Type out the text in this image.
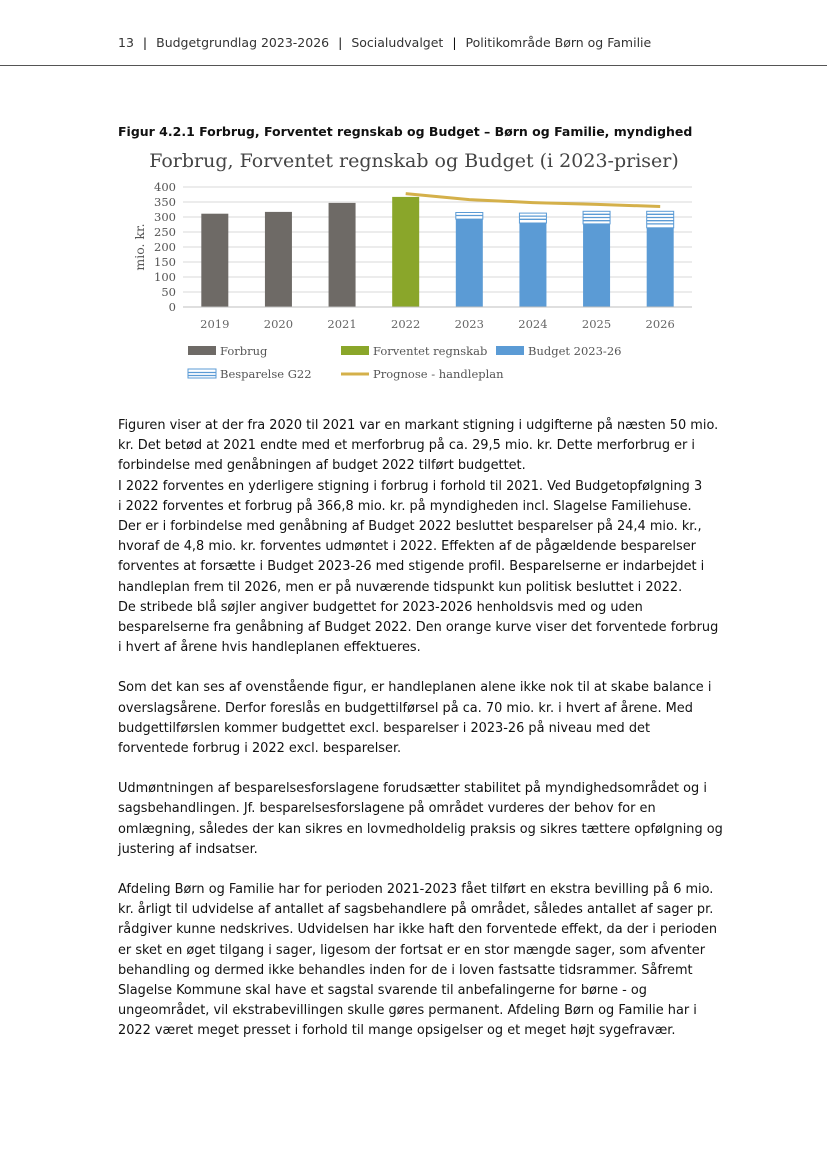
13 | Budgetgrundlag 2023-2026 | Socialudvalget | Politikområde Børn og Familie
Figur 4.2.1 Forbrug, Forventet regnskab og Budget – Børn og Familie, myndighed
Forbrug, Forventet regnskab og Budget (i 2023-priser)
0
50
100
150
200
250
300
350
400
mio. kr.
2019	2020	2021	2022	2023	2024	2025	2026
Forbrug	Forventet regnskab	Budget 2023-26
Besparelse G22	Prognose - handleplan

Figuren viser at der fra 2020 til 2021 var en markant stigning i udgifterne på næsten 50 mio.
kr. Det betød at 2021 endte med et merforbrug på ca. 29,5 mio. kr. Dette merforbrug er i
forbindelse med genåbningen af budget 2022 tilført budgettet.
I 2022 forventes en yderligere stigning i forbrug i forhold til 2021. Ved Budgetopfølgning 3
i 2022 forventes et forbrug på 366,8 mio. kr. på myndigheden incl. Slagelse Familiehuse.
Der er i forbindelse med genåbning af Budget 2022 besluttet besparelser på 24,4 mio. kr.,
hvoraf de 4,8 mio. kr. forventes udmøntet i 2022. Effekten af de pågældende besparelser
forventes at forsætte i Budget 2023-26 med stigende profil. Besparelserne er indarbejdet i
handleplan frem til 2026, men er på nuværende tidspunkt kun politisk besluttet i 2022.
De stribede blå søjler angiver budgettet for 2023-2026 henholdsvis med og uden
besparelserne fra genåbning af Budget 2022. Den orange kurve viser det forventede forbrug
i hvert af årene hvis handleplanen effektueres.

Som det kan ses af ovenstående figur, er handleplanen alene ikke nok til at skabe balance i
overslagsårene. Derfor foreslås en budgettilførsel på ca. 70 mio. kr. i hvert af årene. Med
budgettilførslen kommer budgettet excl. besparelser i 2023-26 på niveau med det
forventede forbrug i 2022 excl. besparelser.

Udmøntningen af besparelsesforslagene forudsætter stabilitet på myndighedsområdet og i
sagsbehandlingen. Jf. besparelsesforslagene på området vurderes der behov for en
omlægning, således der kan sikres en lovmedholdelig praksis og sikres tættere opfølgning og
justering af indsatser.

Afdeling Børn og Familie har for perioden 2021-2023 fået tilført en ekstra bevilling på 6 mio.
kr. årligt til udvidelse af antallet af sagsbehandlere på området, således antallet af sager pr.
rådgiver kunne nedskrives. Udvidelsen har ikke haft den forventede effekt, da der i perioden
er sket en øget tilgang i sager, ligesom der fortsat er en stor mængde sager, som afventer
behandling og dermed ikke behandles inden for de i loven fastsatte tidsrammer. Såfremt
Slagelse Kommune skal have et sagstal svarende til anbefalingerne for børne - og
ungeområdet, vil ekstrabevillingen skulle gøres permanent. Afdeling Børn og Familie har i
2022 været meget presset i forhold til mange opsigelser og et meget højt sygefravær.
